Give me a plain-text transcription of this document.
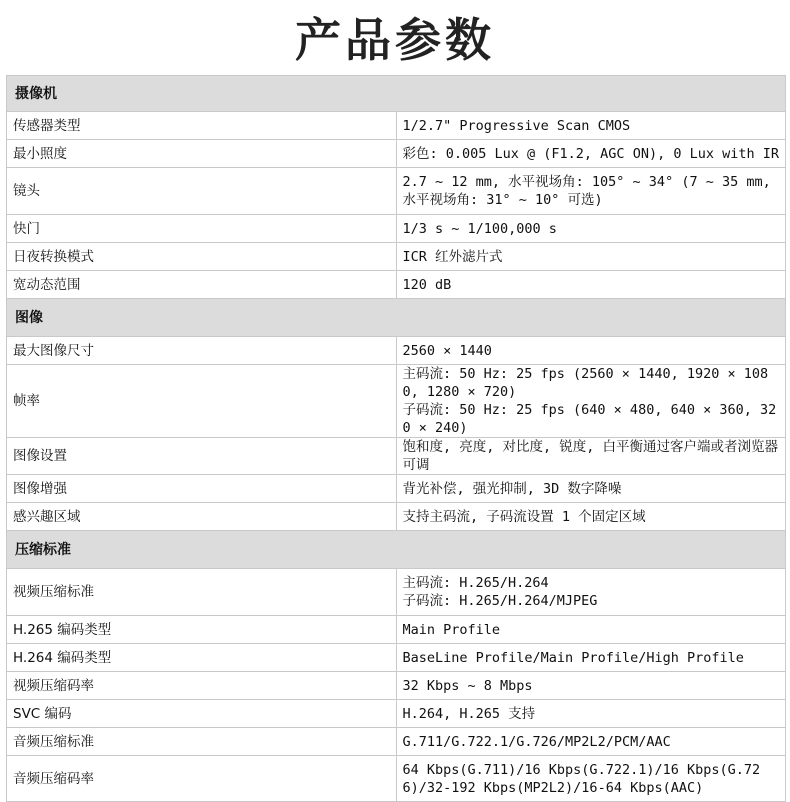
产品参数
摄像机	
传感器类型	1/2.7" Progressive Scan CMOS
最小照度	彩色: 0.005 Lux @ (F1.2, AGC ON), 0 Lux with IR
镜头	2.7 ~ 12 mm, 水平视场角: 105° ~ 34° (7 ~ 35 mm, 水平视场角: 31° ~ 10° 可选)
快门	1/3 s ~ 1/100,000 s
日夜转换模式	ICR 红外滤片式
宽动态范围	120 dB
图像	
最大图像尺寸	2560 × 1440
帧率	主码流: 50 Hz: 25 fps (2560 × 1440, 1920 × 1080, 1280 × 720)
子码流: 50 Hz: 25 fps (640 × 480, 640 × 360, 320 × 240)

图像设置	饱和度, 亮度, 对比度, 锐度, 白平衡通过客户端或者浏览器可调
图像增强	背光补偿, 强光抑制, 3D 数字降噪
感兴趣区域	支持主码流, 子码流设置 1 个固定区域
压缩标准	
视频压缩标准	主码流: H.265/H.264
子码流: H.265/H.264/MJPEG

H.265 编码类型	Main Profile
H.264 编码类型	BaseLine Profile/Main Profile/High Profile
视频压缩码率	32 Kbps ~ 8 Mbps
SVC 编码	H.264, H.265 支持
音频压缩标准	G.711/G.722.1/G.726/MP2L2/PCM/AAC
音频压缩码率	64 Kbps(G.711)/16 Kbps(G.722.1)/16 Kbps(G.726)/32-192 Kbps(MP2L2)/16-64 Kbps(AAC)
